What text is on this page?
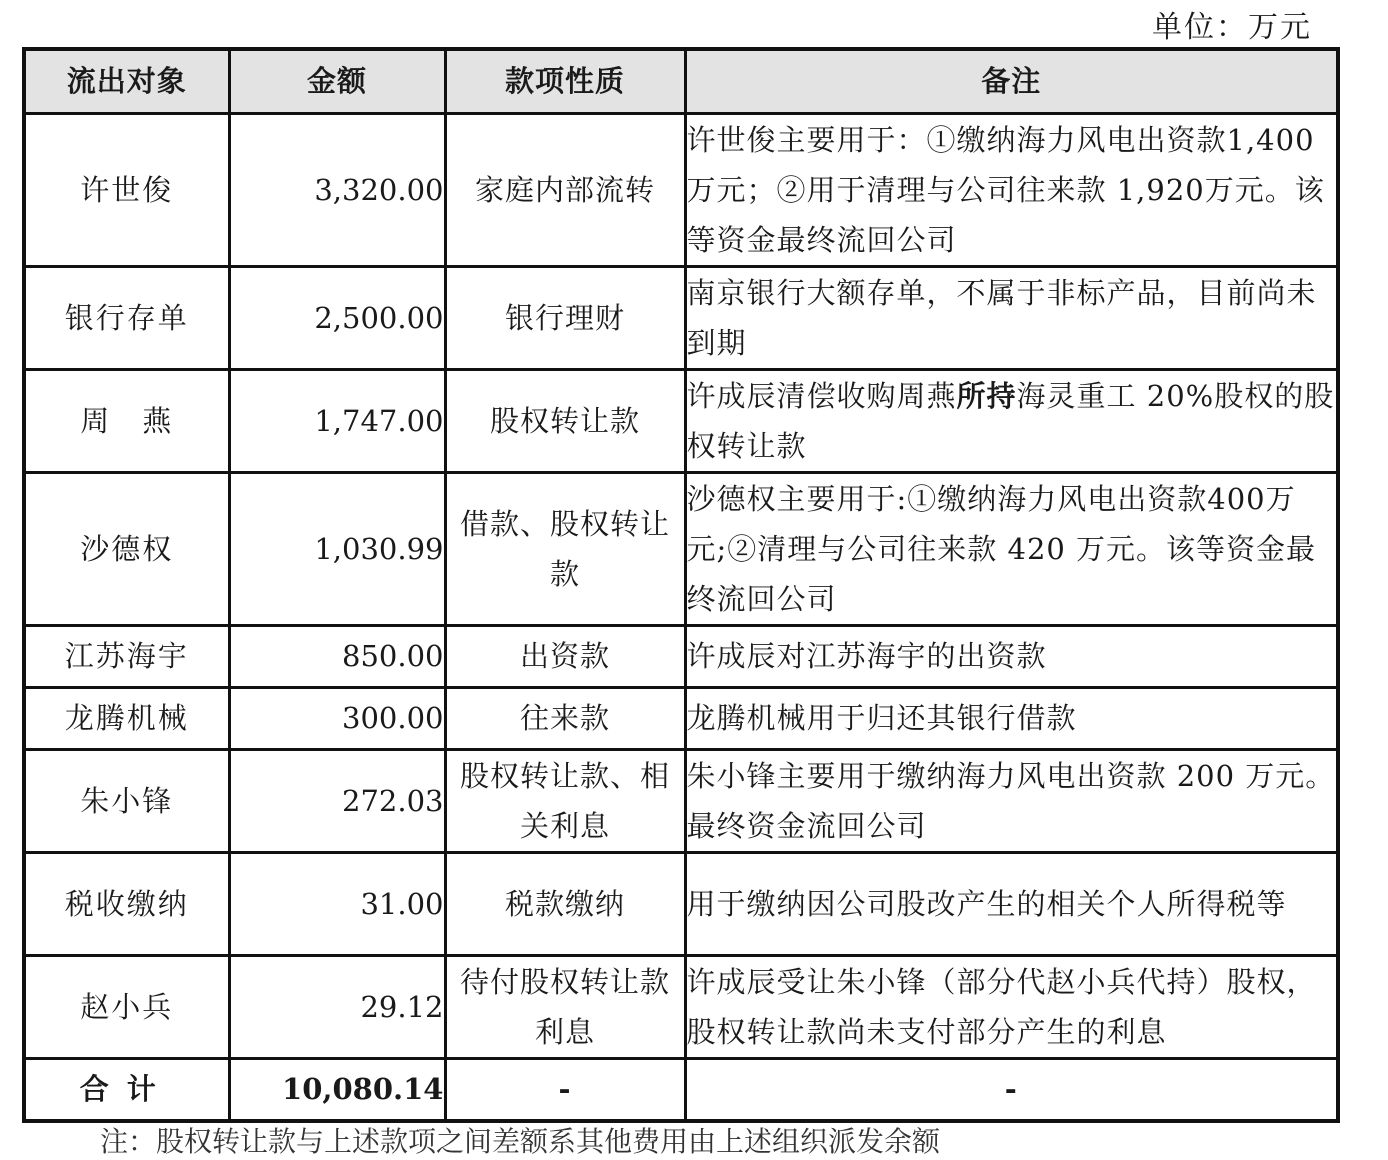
单位：万元
流出对象	金额	款项性质	备注
许世俊	3,320.00	家庭内部流转	许世俊主要用于：①缴纳海力风电出资款1,400 万元；②用于清理与公司往来款 1,920万元。该等资金最终流回公司
银行存单	2,500.00	银行理财	南京银行大额存单，不属于非标产品，目前尚未到期
周　燕	1,747.00	股权转让款	许成辰清偿收购周燕所持海灵重工 20%股权的股权转让款
沙德权	1,030.99	借款、股权转让款	沙德权主要用于:①缴纳海力风电出资款400万元;②清理与公司往来款 420 万元。该等资金最终流回公司
江苏海宇	850.00	出资款	许成辰对江苏海宇的出资款
龙腾机械	300.00	往来款	龙腾机械用于归还其银行借款
朱小锋	272.03	股权转让款、相关利息	朱小锋主要用于缴纳海力风电出资款 200 万元。最终资金流回公司
税收缴纳	31.00	税款缴纳	用于缴纳因公司股改产生的相关个人所得税等
赵小兵	29.12	待付股权转让款利息	许成辰受让朱小锋（部分代赵小兵代持）股权，股权转让款尚未支付部分产生的利息
合计	10,080.14	-	-
注：股权转让款与上述款项之间差额系其他费用由上述组织派发余额
